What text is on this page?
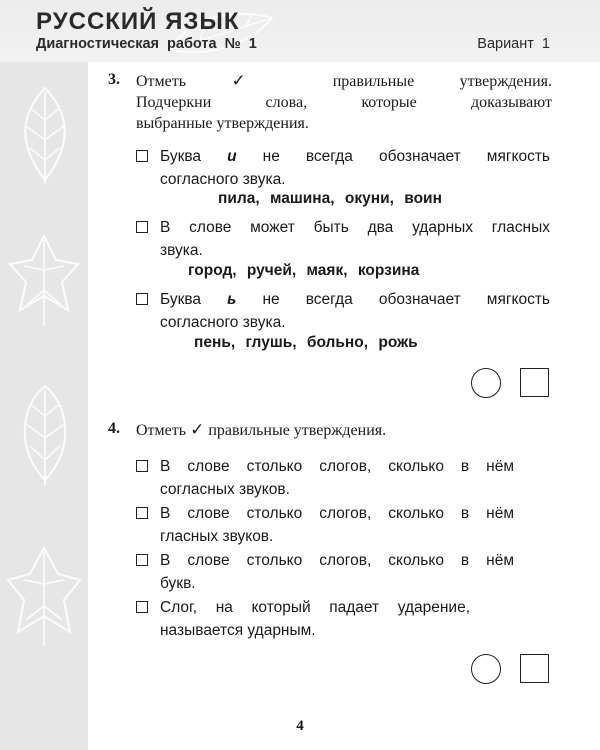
РУССКИЙ ЯЗЫК
Диагностическая работа № 1	Вариант 1
3. Отметь	✓	правильные утверждения.
Подчеркни слова, которые доказывают
выбранные утверждения.
Буква и не всегда обозначает мягкость
согласного звука.
пила, машина, окуни, воин
В слове может быть два ударных гласных
звука.
город, ручей, маяк, корзина
Буква ь не всегда обозначает мягкость
согласного звука.
пень, глушь, больно, рожь
4. Отметь ✓ правильные утверждения.
В слове столько слогов, сколько в нём
согласных звуков.
В слове столько слогов, сколько в нём
гласных звуков.
В слове столько слогов, сколько в нём
букв.
Слог, на который падает ударение,
называется ударным.
4
